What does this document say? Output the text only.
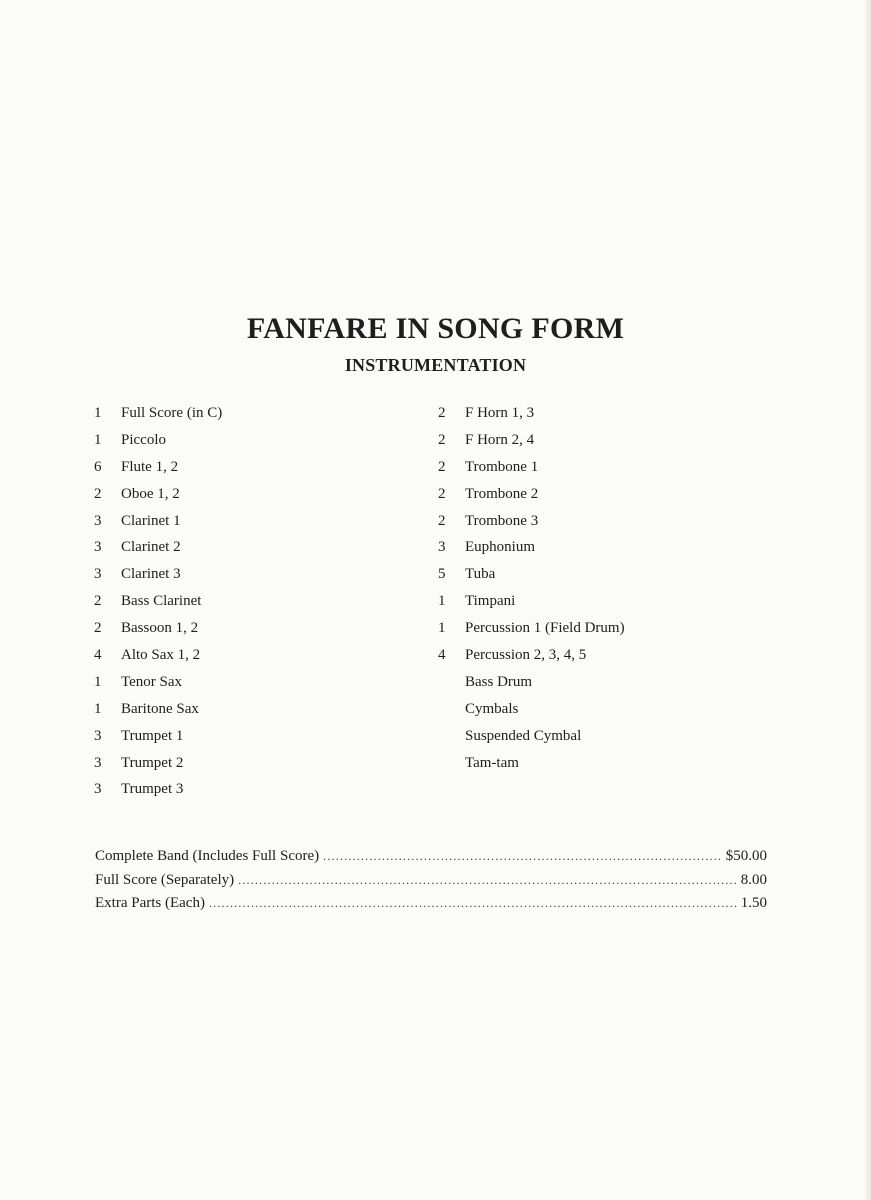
FANFARE IN SONG FORM
INSTRUMENTATION
1 Full Score (in C)
1 Piccolo
6 Flute 1, 2
2 Oboe 1, 2
3 Clarinet 1
3 Clarinet 2
3 Clarinet 3
2 Bass Clarinet
2 Bassoon 1, 2
4 Alto Sax 1, 2
1 Tenor Sax
1 Baritone Sax
3 Trumpet 1
3 Trumpet 2
3 Trumpet 3
2 F Horn 1, 3
2 F Horn 2, 4
2 Trombone 1
2 Trombone 2
2 Trombone 3
3 Euphonium
5 Tuba
1 Timpani
1 Percussion 1 (Field Drum)
4 Percussion 2, 3, 4, 5
Bass Drum
Cymbals
Suspended Cymbal
Tam-tam
Complete Band (Includes Full Score) .....	$50.00
Full Score (Separately) .....	8.00
Extra Parts (Each) .....	1.50
